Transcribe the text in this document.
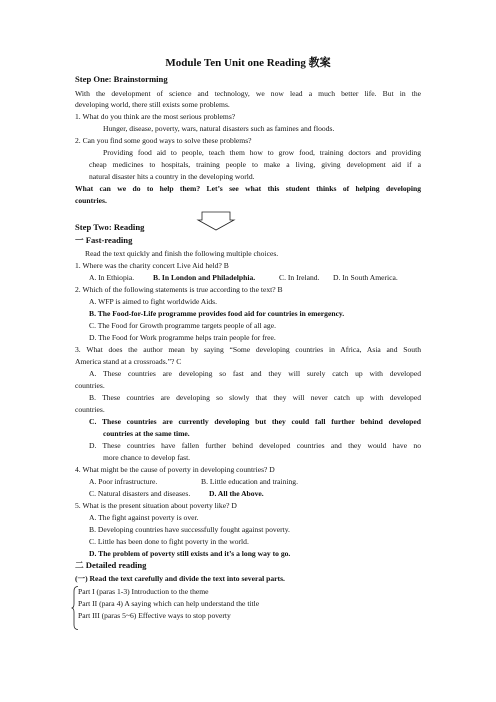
Module Ten Unit one Reading 教案
Step One: Brainstorming
With the development of science and technology, we now lead a much better life. But in the
developing world, there still exists some problems.
1. What do you think are the most serious problems?
Hunger, disease, poverty, wars, natural disasters such as famines and floods.
2. Can you find some good ways to solve these problems?
Providing food aid to people, teach them how to grow food, training doctors and providing
cheap medicines to hospitals, training people to make a living, giving development aid if a
natural disaster hits a country in the developing world.
What can we do to help them? Let’s see what this student thinks of helping developing
countries.
Step Two: Reading
一 Fast-reading
Read the text quickly and finish the following multiple choices.
1. Where was the charity concert Live Aid held? B
A. In Ethiopia. B. In London and Philadelphia.	C. In Ireland. D. In South America.
2. Which of the following statements is true according to the text? B
A. WFP is aimed to fight worldwide Aids.
B. The Food-for-Life programme provides food aid for countries in emergency.
C. The Food for Growth programme targets people of all age.
D. The Food for Work programme helps train people for free.
3. What does the author mean by saying “Some developing countries in Africa, Asia and South
America stand at a crossroads.”? C
A. These countries are developing so fast and they will surely catch up with developed
countries.
B. These countries are developing so slowly that they will never catch up with developed
countries.
C. These countries are currently developing but they could fall further behind developed
countries at the same time.
D. These countries have fallen further behind developed countries and they would have no
more chance to develop fast.
4. What might be the cause of poverty in developing countries? D
A. Poor infrastructure.	B. Little education and training.
C. Natural disasters and diseases. D. All the Above.
5. What is the present situation about poverty like? D
A. The fight against poverty is over.
B. Developing countries have successfully fought against poverty.
C. Little has been done to fight poverty in the world.
D. The problem of poverty still exists and it’s a long way to go.
二 Detailed reading
(一) Read the text carefully and divide the text into several parts.
Part I (paras 1-3) Introduction to the theme
Part II (para 4) A saying which can help understand the title
Part III (paras 5~6) Effective ways to stop poverty
